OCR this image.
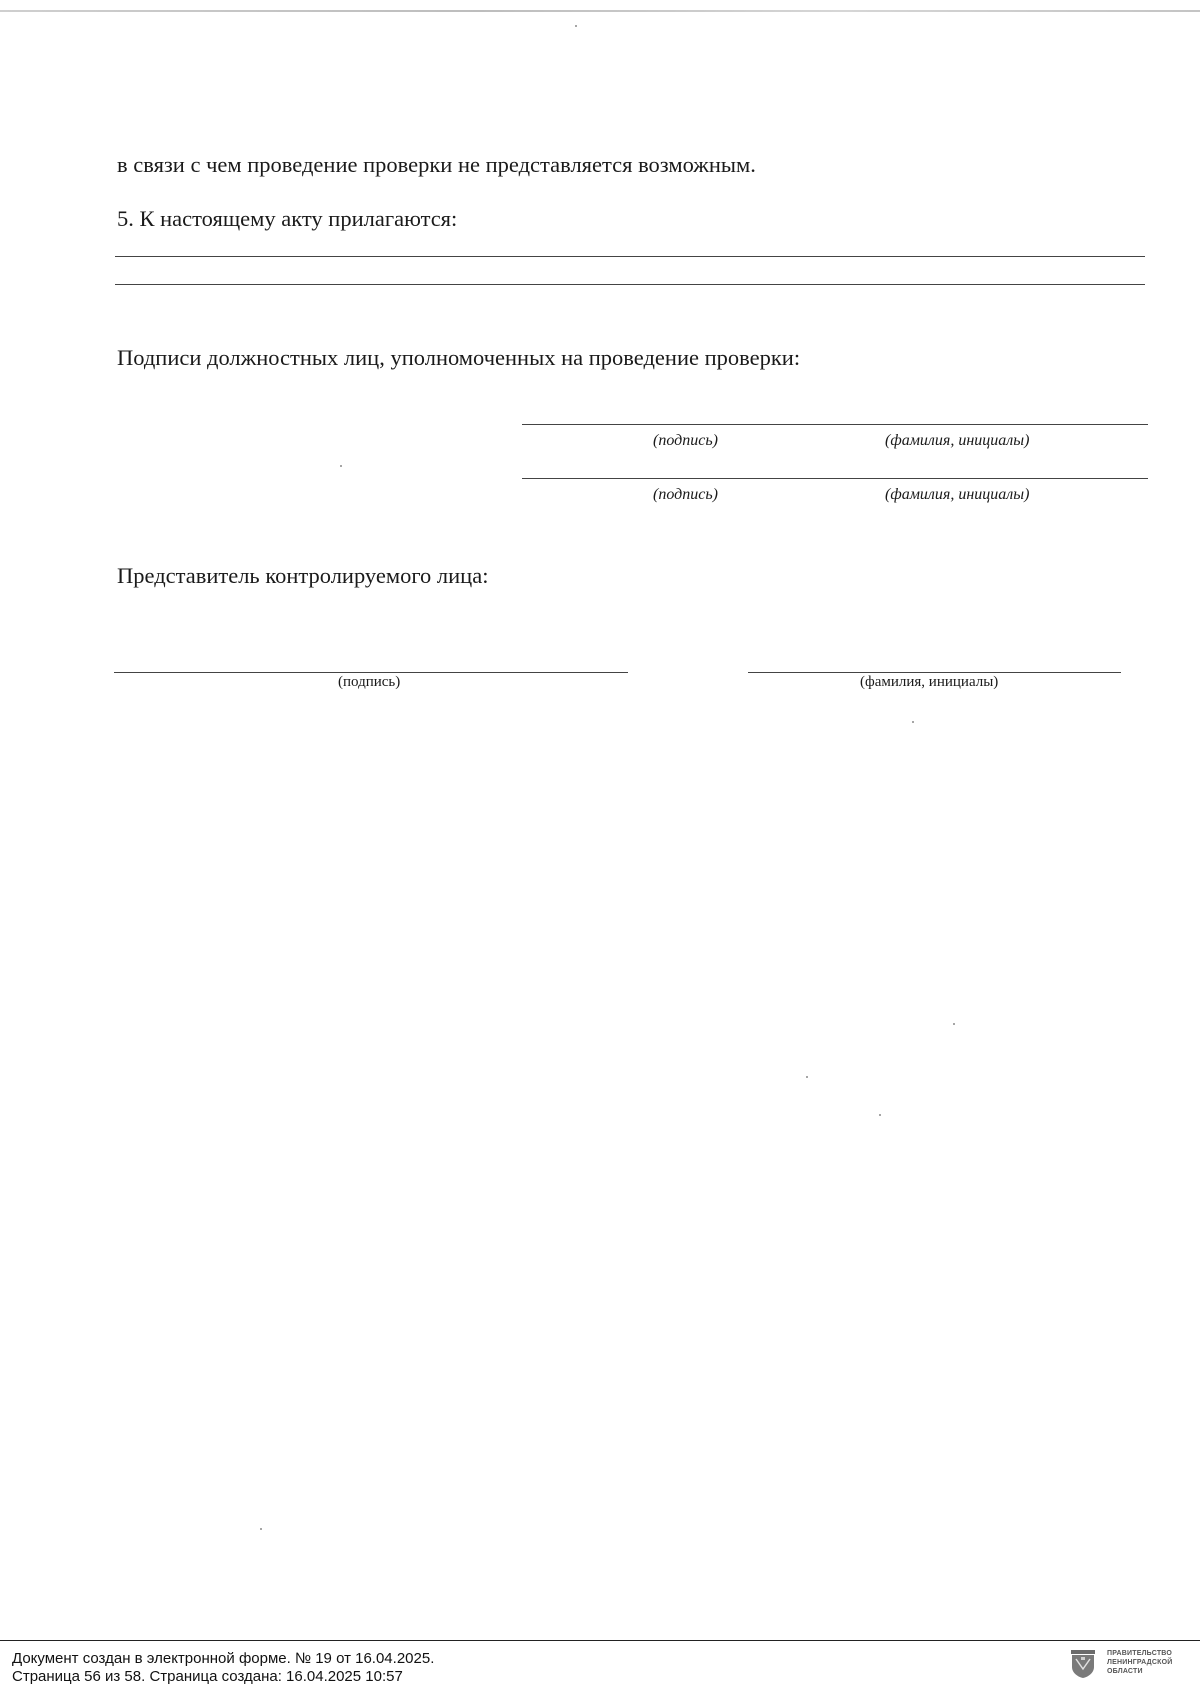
в связи с чем проведение проверки не представляется возможным.
5. К настоящему акту прилагаются:
Подписи должностных лиц, уполномоченных на проведение проверки:
(подпись)	(фамилия, инициалы)
(подпись)	(фамилия, инициалы)
Представитель контролируемого лица:
(подпись)	(фамилия, инициалы)
Документ создан в электронной форме. № 19 от 16.04.2025.
Страница 56 из 58. Страница создана: 16.04.2025 10:57
ПРАВИТЕЛЬСТВО
ЛЕНИНГРАДСКОЙ
ОБЛАСТИ
